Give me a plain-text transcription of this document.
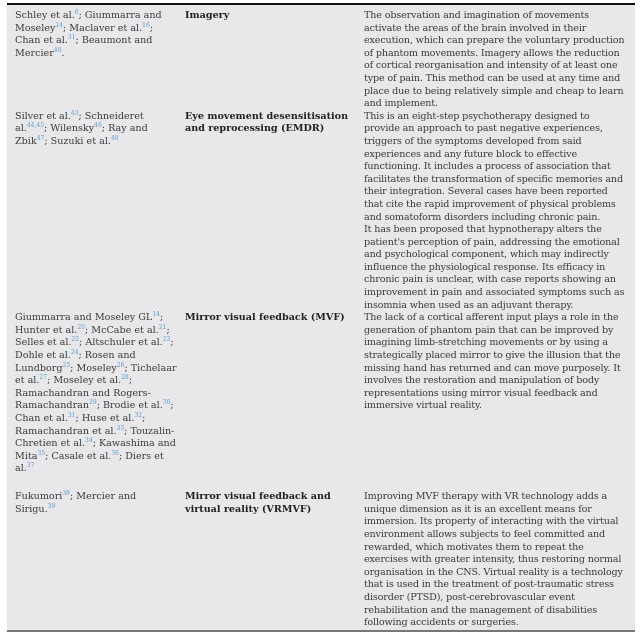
Schley et al.$^6$; Giummarra and Moseley$^{14}$; Maclaver et al.$^{16}$; Chan et al.$^{31}$; Beaumont and Mercier$^{40}$.
Imagery	The observation and imagination of movements activate the areas of the brain involved in their execution, which can prepare the voluntary production of phantom movements. Imagery allows the reduction of cortical reorganisation and intensity of at least one type of pain. This method can be used at any time and place due to being relatively simple and cheap to learn and implement.
Silver et al.$^{43}$; Schneideret al.$^{44,45}$; Wilensky$^{46}$; Ray and Zbik$^{47}$; Suzuki et al.$^{48}$
Eye movement desensitisation and reprocessing (EMDR)
This is an eight-step psychotherapy designed to provide an approach to past negative experiences, triggers of the symptoms developed from said experiences and any future block to effective functioning. It includes a process of association that facilitates the transformation of specific memories and their integration. Several cases have been reported that cite the rapid improvement of physical problems and somatoform disorders including chronic pain.
It has been proposed that hypnotherapy alters the patient's perception of pain, addressing the emotional and psychological component, which may indirectly influence the physiological response. Its efficacy in chronic pain is unclear, with case reports showing an improvement in pain and associated symptoms such as insomnia when used as an adjuvant therapy.
Giummarra and Moseley GL$^{14}$; Hunter et al.$^{20}$; McCabe et al.$^{21}$; Selles et al.$^{22}$; Altschuler et al.$^{23}$; Dohle et al.$^{24}$; Rosen and Lundborg$^{25}$; Moseley$^{26}$; Tichelaar et al.$^{27}$; Moseley et al.$^{28}$; Ramachandran and Rogers-Ramachandran$^{29}$; Brodie et al.$^{30}$; Chan et al.$^{31}$; Huse et al.$^{32}$; Ramachandran et al.$^{33}$; Touzalin-Chretien et al.$^{34}$; Kawashima and Mita$^{35}$; Casale et al.$^{36}$; Diers et al.$^{37}$
Mirror visual feedback (MVF)	The lack of a cortical afferent input plays a role in the generation of phantom pain that can be improved by imagining limb-stretching movements or by using a strategically placed mirror to give the illusion that the missing hand has returned and can move purposely. It involves the restoration and manipulation of body representations using mirror visual feedback and immersive virtual reality.
Fukumori$^{38}$; Mercier and Sirigu.$^{39}$
Mirror visual feedback and virtual reality (VRMVF)
Improving MVF therapy with VR technology adds a unique dimension as it is an excellent means for immersion. Its property of interacting with the virtual environment allows subjects to feel committed and rewarded, which motivates them to repeat the exercises with greater intensity, thus restoring normal organisation in the CNS. Virtual reality is a technology that is used in the treatment of post-traumatic stress disorder (PTSD), post-cerebrovascular event rehabilitation and the management of disabilities following accidents or surgeries.
